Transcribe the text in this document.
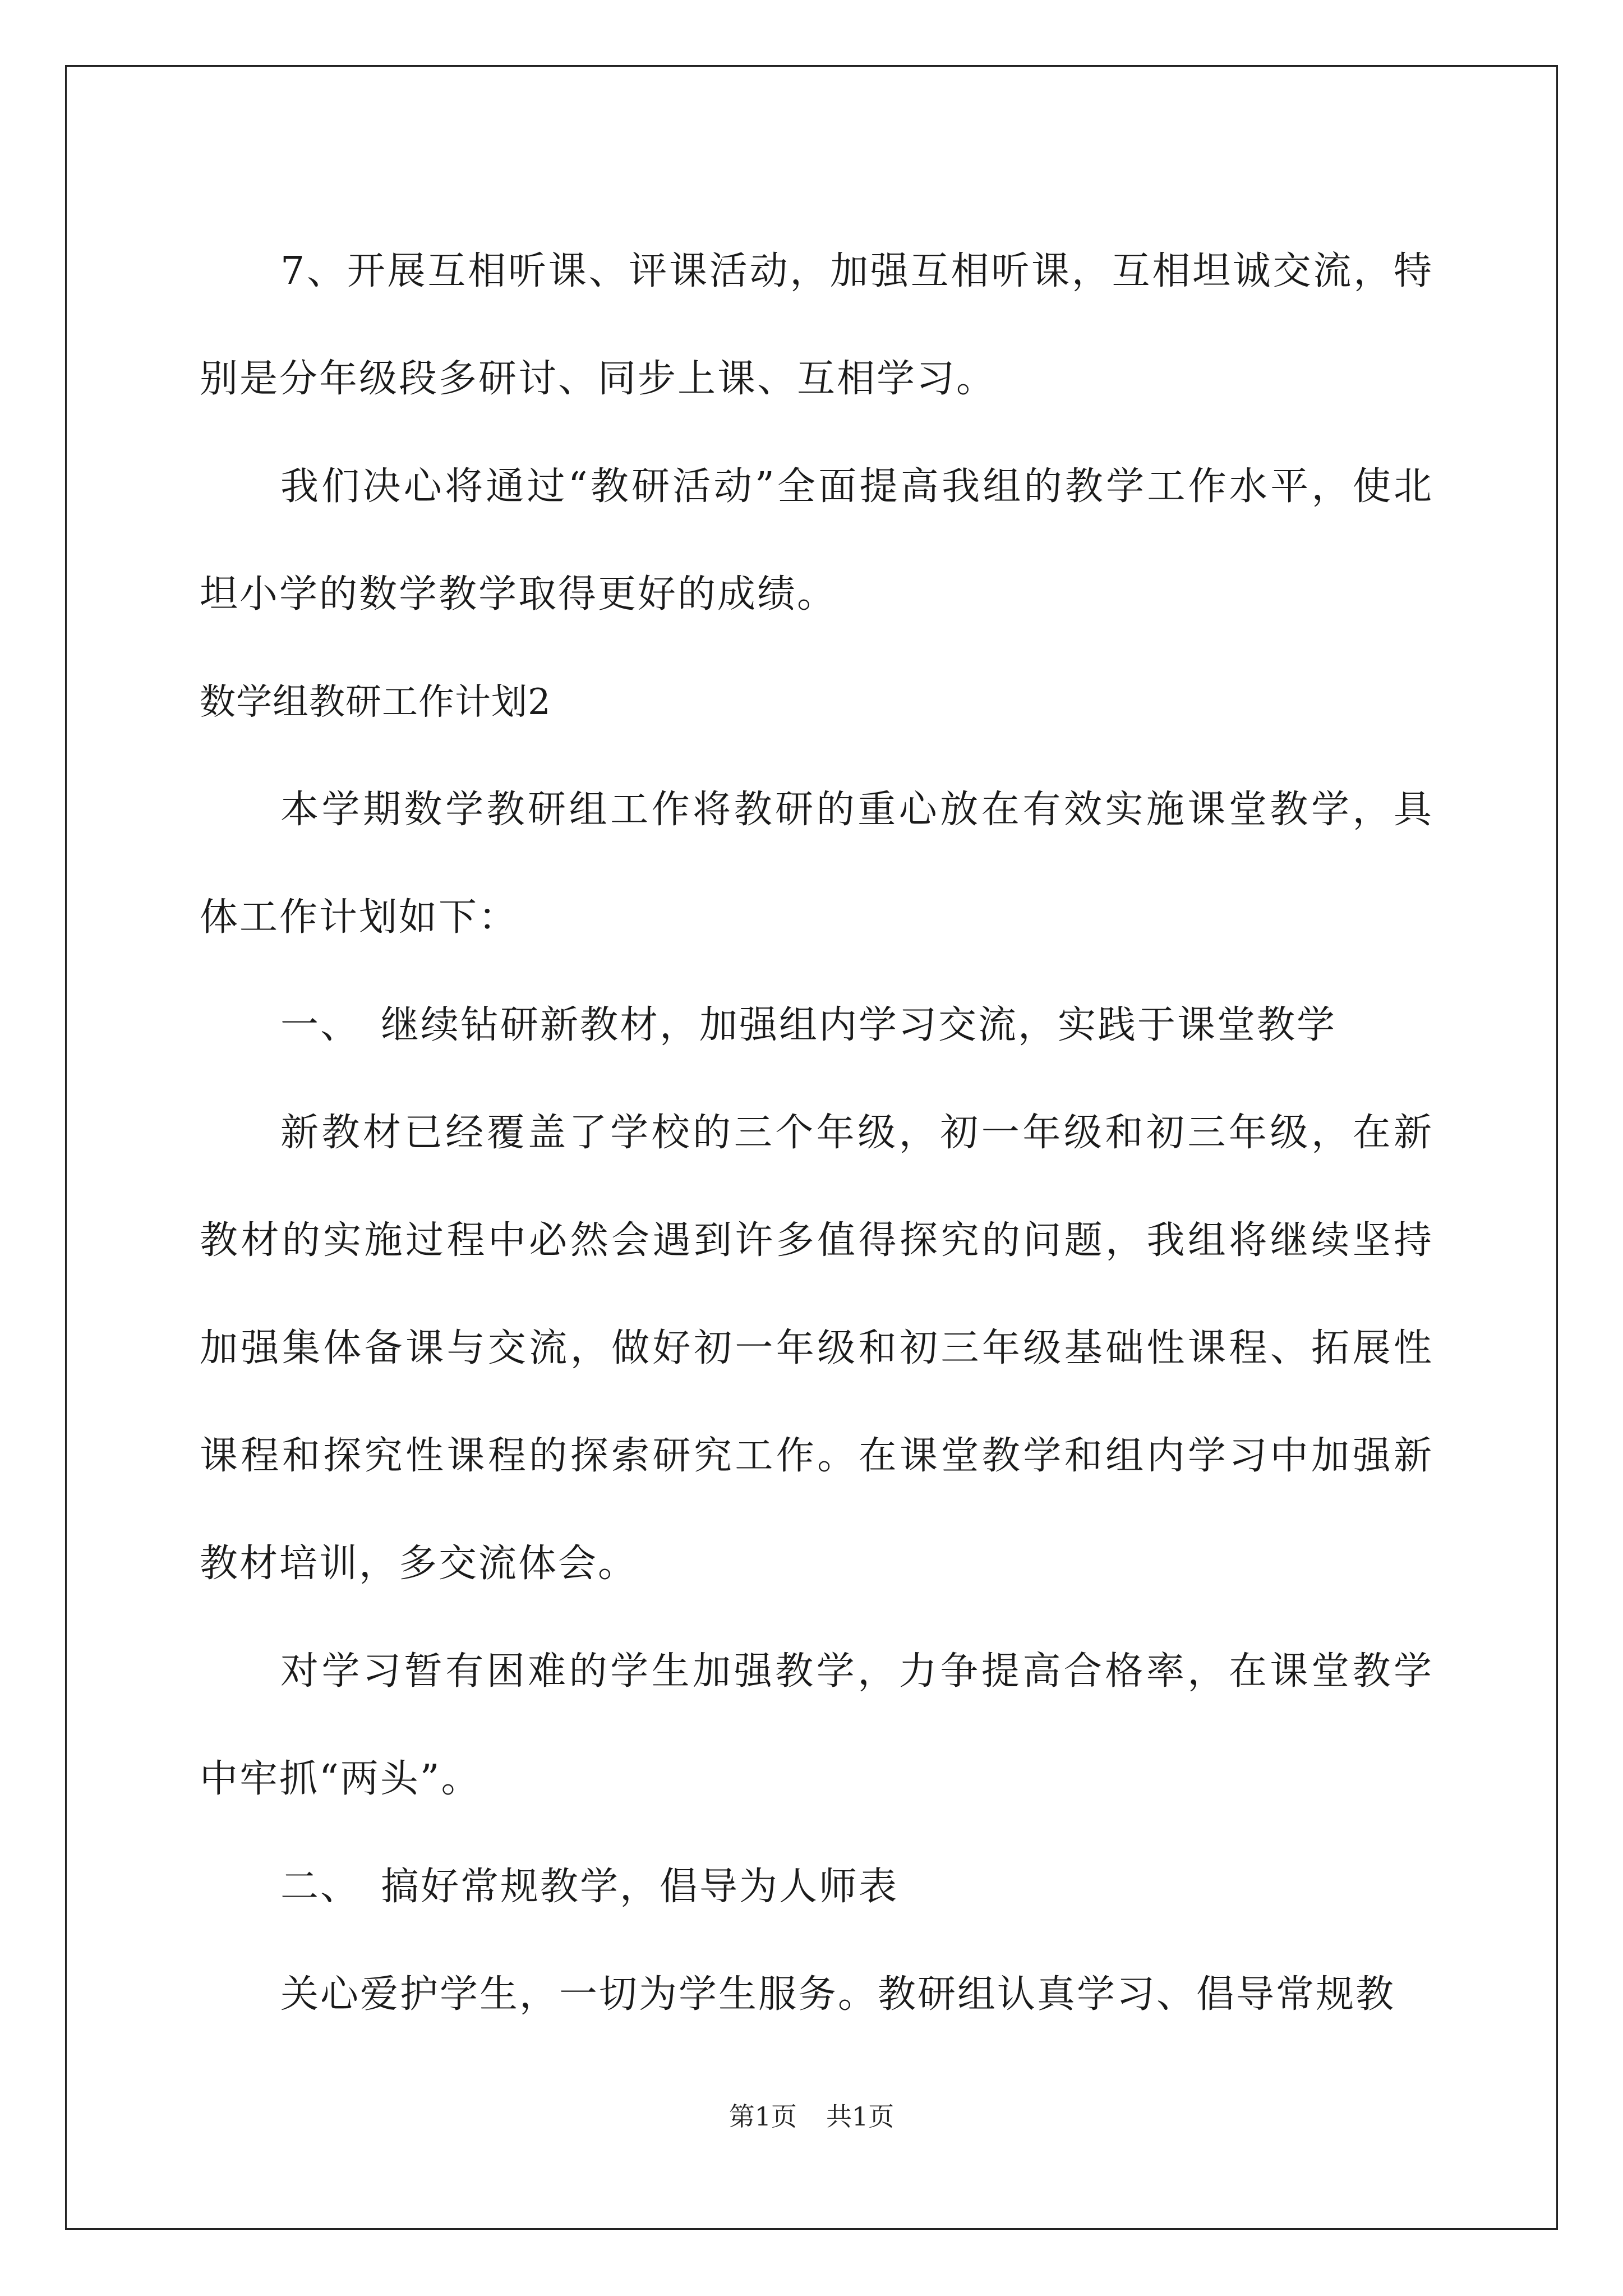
7、开展互相听课、评课活动，加强互相听课，互相坦诚交流，特别是分年级段多研讨、同步上课、互相学习。

我们决心将通过“教研活动”全面提高我组的教学工作水平，使北坦小学的数学教学取得更好的成绩。

数学组教研工作计划2

本学期数学教研组工作将教研的重心放在有效实施课堂教学，具体工作计划如下：

一、　继续钻研新教材，加强组内学习交流，实践于课堂教学

新教材已经覆盖了学校的三个年级，初一年级和初三年级，在新教材的实施过程中必然会遇到许多值得探究的问题，我组将继续坚持加强集体备课与交流，做好初一年级和初三年级基础性课程、拓展性课程和探究性课程的探索研究工作。在课堂教学和组内学习中加强新教材培训，多交流体会。

对学习暂有困难的学生加强教学，力争提高合格率，在课堂教学中牢抓“两头”。

二、　搞好常规教学，倡导为人师表

关心爱护学生，一切为学生服务。教研组认真学习、倡导常规教

第1页 共1页
